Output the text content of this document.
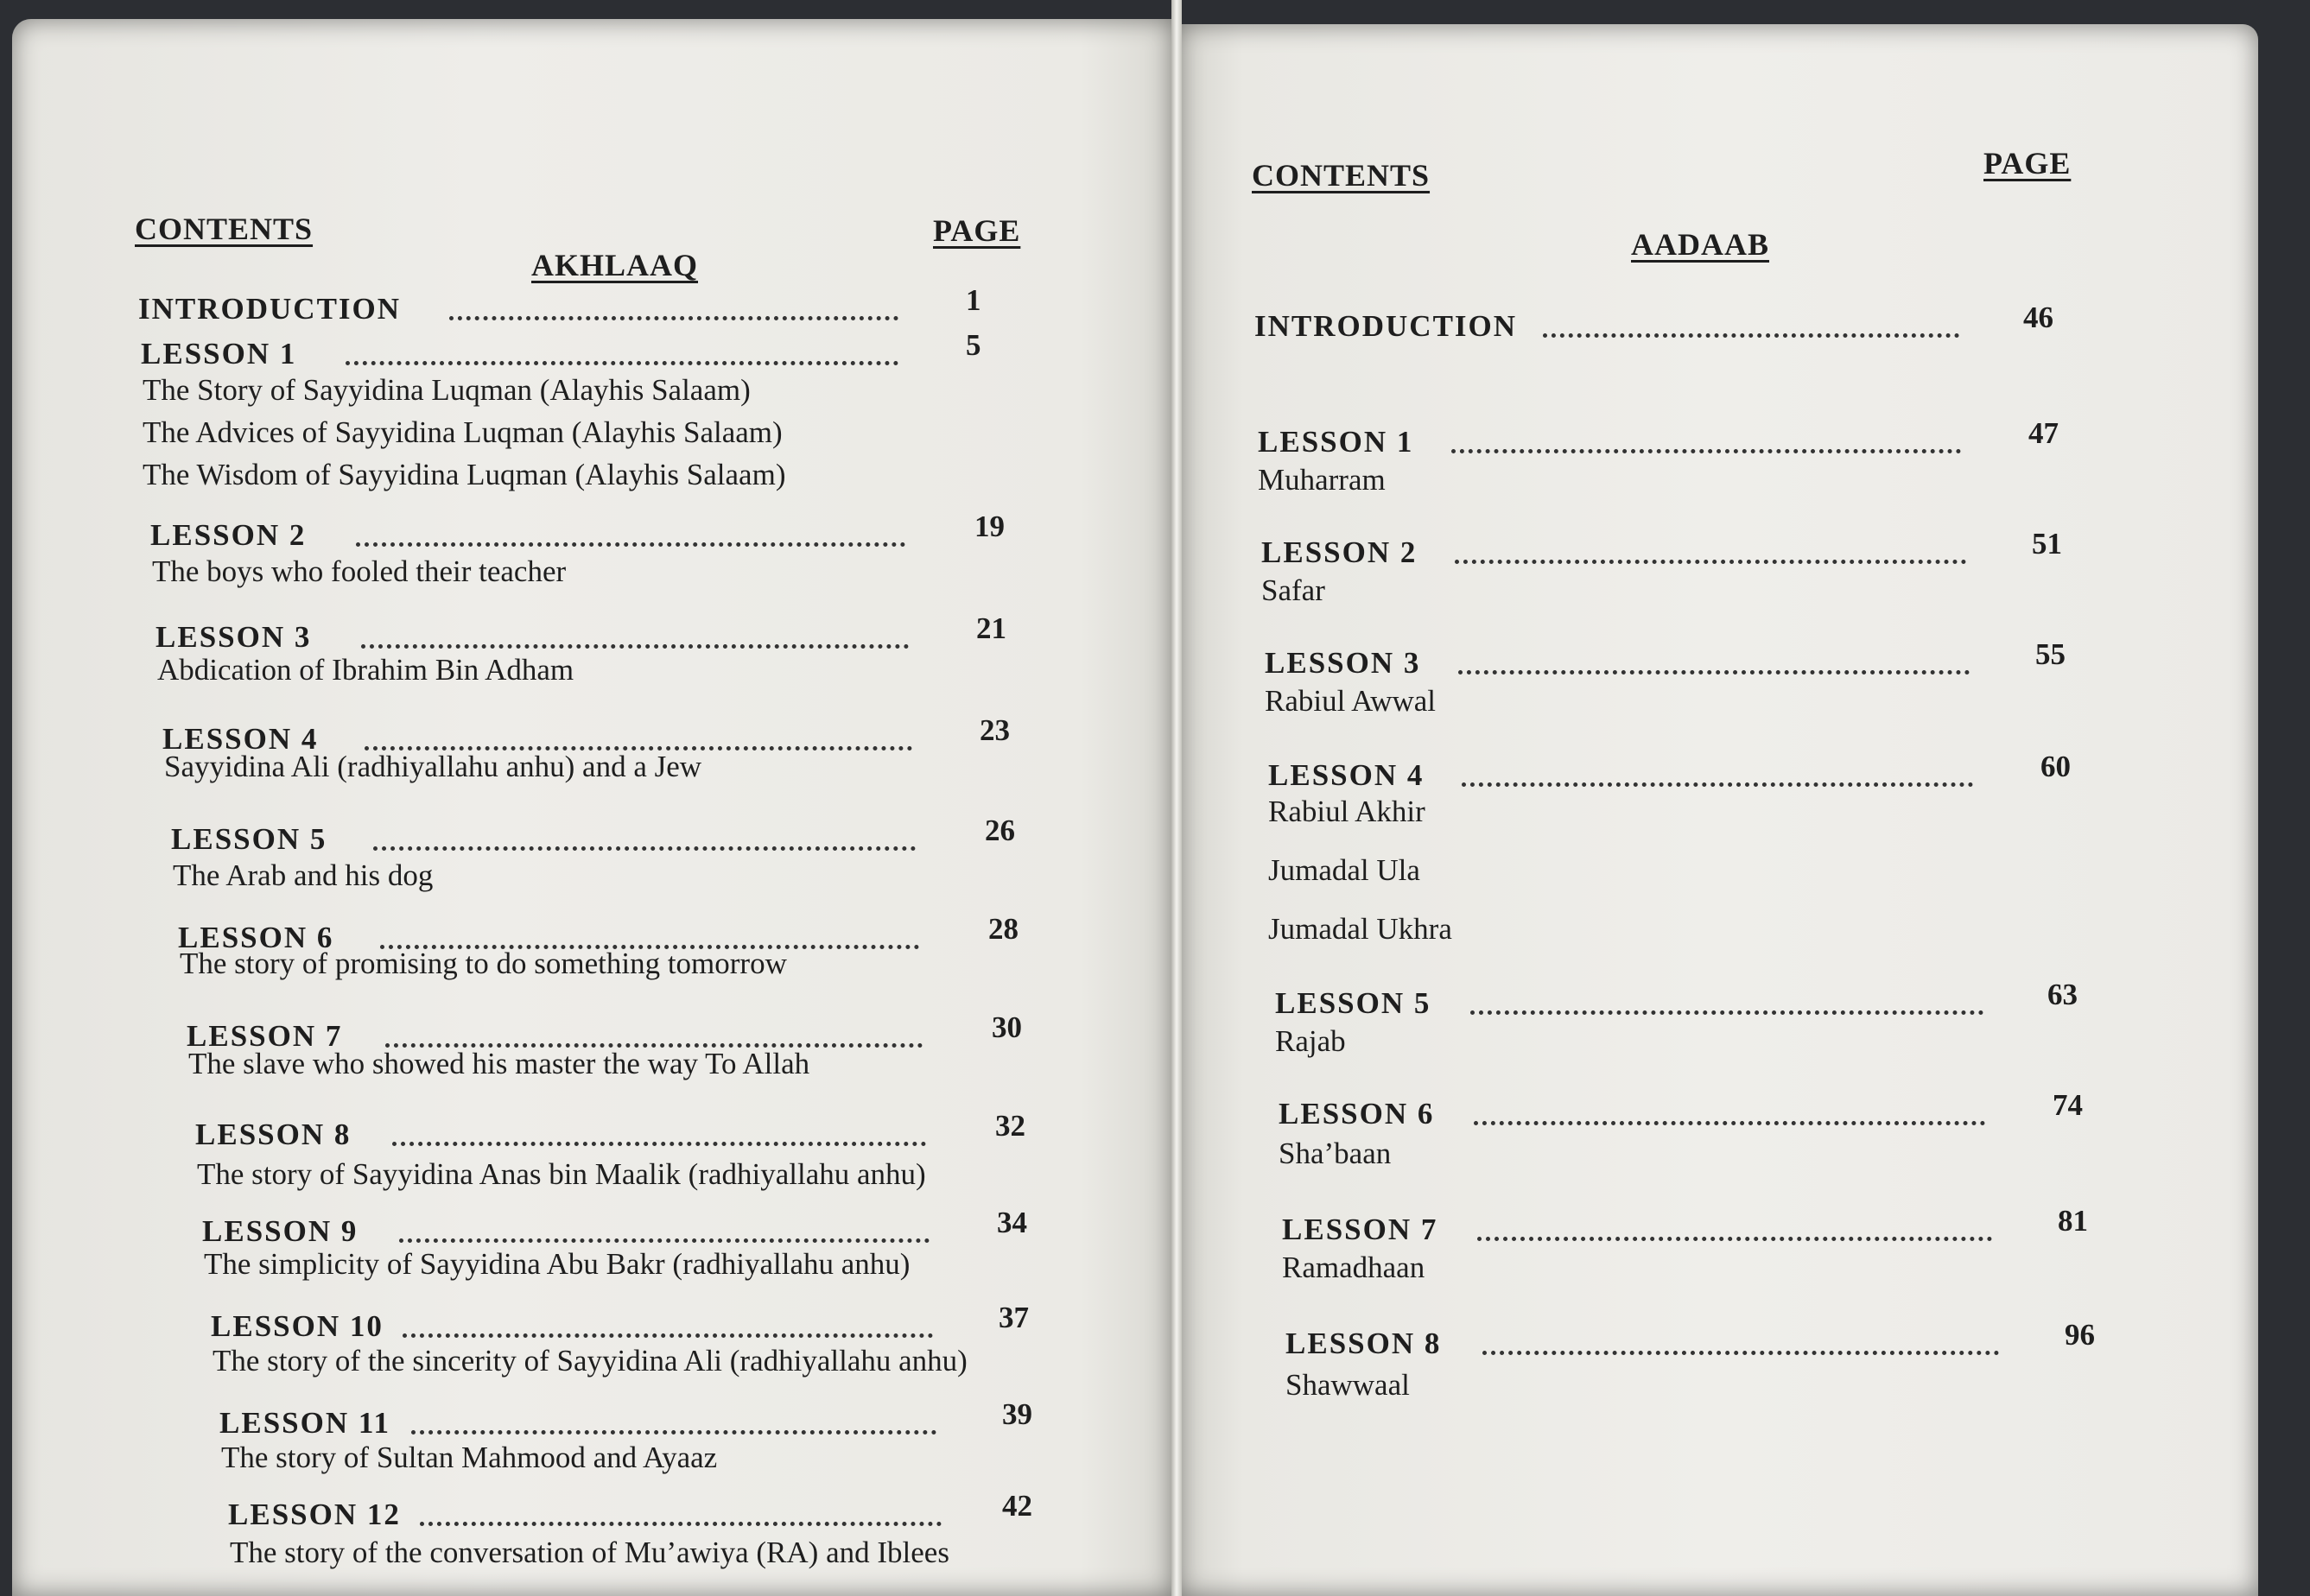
CONTENTS	PAGE
AKHLAAQ
INTRODUCTION	1
LESSON 1	5
The Story of Sayyidina Luqman (Alayhis Salaam)
The Advices of Sayyidina Luqman (Alayhis Salaam)
The Wisdom of Sayyidina Luqman (Alayhis Salaam)
LESSON 2	19
The boys who fooled their teacher
LESSON 3	21
Abdication of Ibrahim Bin Adham
LESSON 4	23
Sayyidina Ali (radhiyallahu anhu) and a Jew
LESSON 5	26
The Arab and his dog
LESSON 6	28
The story of promising to do something tomorrow
LESSON 7	30
The slave who showed his master the way To Allah
LESSON 8	32
The story of Sayyidina Anas bin Maalik (radhiyallahu anhu)
LESSON 9	34
The simplicity of Sayyidina Abu Bakr (radhiyallahu anhu)
LESSON 10	37
The story of the sincerity of Sayyidina Ali (radhiyallahu anhu)
LESSON 11	39
The story of Sultan Mahmood and Ayaaz
LESSON 12	42
The story of the conversation of Mu’awiya (RA) and Iblees
CONTENTS	PAGE
AADAAB
INTRODUCTION	46
LESSON 1	47
Muharram
LESSON 2	51
Safar
LESSON 3	55
Rabiul Awwal
LESSON 4	60
Rabiul Akhir
Jumadal Ula
Jumadal Ukhra
LESSON 5	63
Rajab
LESSON 6	74
Sha’baan
LESSON 7	81
Ramadhaan
LESSON 8	96
Shawwaal
